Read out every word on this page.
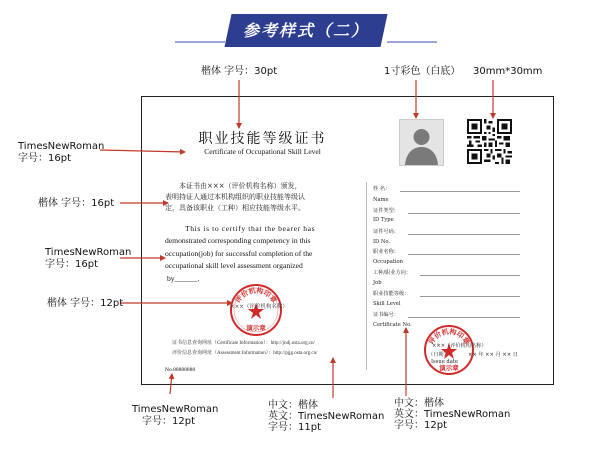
参考样式（二）
职业技能等级证书
Certificate of Occupational Skill Level
本证书由×××（评价机构名称）颁发，
表明持证人通过本机构组织的职业技能等级认
定，具备该职业（工种）相应技能等级水平。
This is to certify that the bearer has
demonstrated corresponding competency in this
occupation(job) for successful completion of the
occupational skill level assessment organized
by______.
评价机构印章
演示章
×××（评价机构名称）
证书信息查询网址（Certificate Information）：http://jndj.osta.org.cn/
评价信息查询网址（Assessment Information）：http://pjjg.osta.org.cn/
No.88888888
姓 名：
Name
证件类型：
ID Type
证件号码：
ID No.
职业名称：
Occupation
工种/职业方向：
Job
职业技能等级：
Skill Level
证书编号：
Certificate No.
评价机构印章
演示章
×××（评价机构名称）
（日期）	×× 年 ×× 月 ×× 日
Issue date
楷体 字号：30pt	1寸彩色（白底） 30mm*30mm
TimesNewRoman
字号：16pt
楷体 字号：16pt
TimesNewRoman
字号：16pt
楷体 字号：12pt
TimesNewRoman
字号：12pt
中文：楷体
英文：TimesNewRoman
字号：11pt
中文：楷体
英文：TimesNewRoman
字号：12pt
